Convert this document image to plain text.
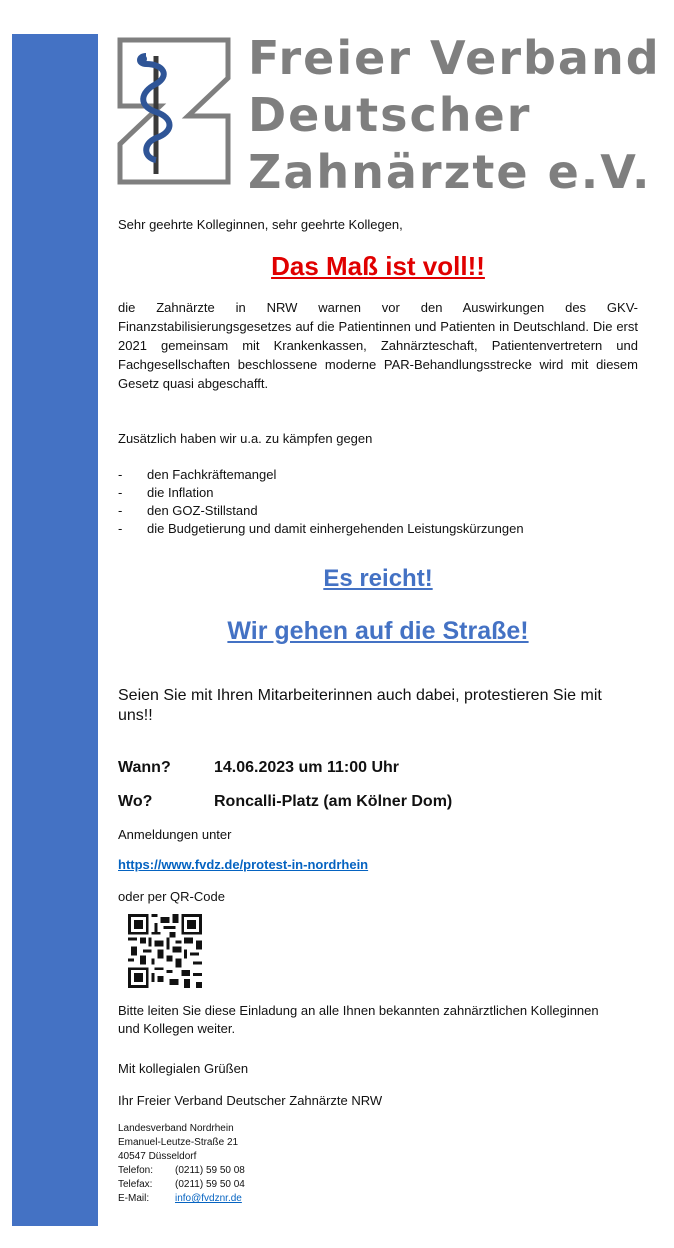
Freier Verband
Deutscher
Zahnärzte e.V.
Sehr geehrte Kolleginnen, sehr geehrte Kollegen,
Das Maß ist voll!!
die Zahnärzte in NRW warnen vor den Auswirkungen des GKV-Finanzstabilisierungsgesetzes auf die Patientinnen und Patienten in Deutschland. Die erst 2021 gemeinsam mit Krankenkassen, Zahnärzteschaft, Patientenvertretern und Fachgesellschaften beschlossene moderne PAR-Behandlungsstrecke wird mit diesem Gesetz quasi abgeschafft.
Zusätzlich haben wir u.a. zu kämpfen gegen
- den Fachkräftemangel
- die Inflation
- den GOZ-Stillstand
- die Budgetierung und damit einhergehenden Leistungskürzungen
Es reicht!
Wir gehen auf die Straße!
Seien Sie mit Ihren Mitarbeiterinnen auch dabei, protestieren Sie mit uns!!
Wann?	14.06.2023 um 11:00 Uhr
Wo?	Roncalli-Platz (am Kölner Dom)
Anmeldungen unter
https://www.fvdz.de/protest-in-nordrhein
oder per QR-Code
Bitte leiten Sie diese Einladung an alle Ihnen bekannten zahnärztlichen Kolleginnen und Kollegen weiter.
Mit kollegialen Grüßen
Ihr Freier Verband Deutscher Zahnärzte NRW
Landesverband Nordrhein
Emanuel-Leutze-Straße 21
40547 Düsseldorf
Telefon: (0211) 59 50 08
Telefax: (0211) 59 50 04
E-Mail:	info@fvdznr.de
